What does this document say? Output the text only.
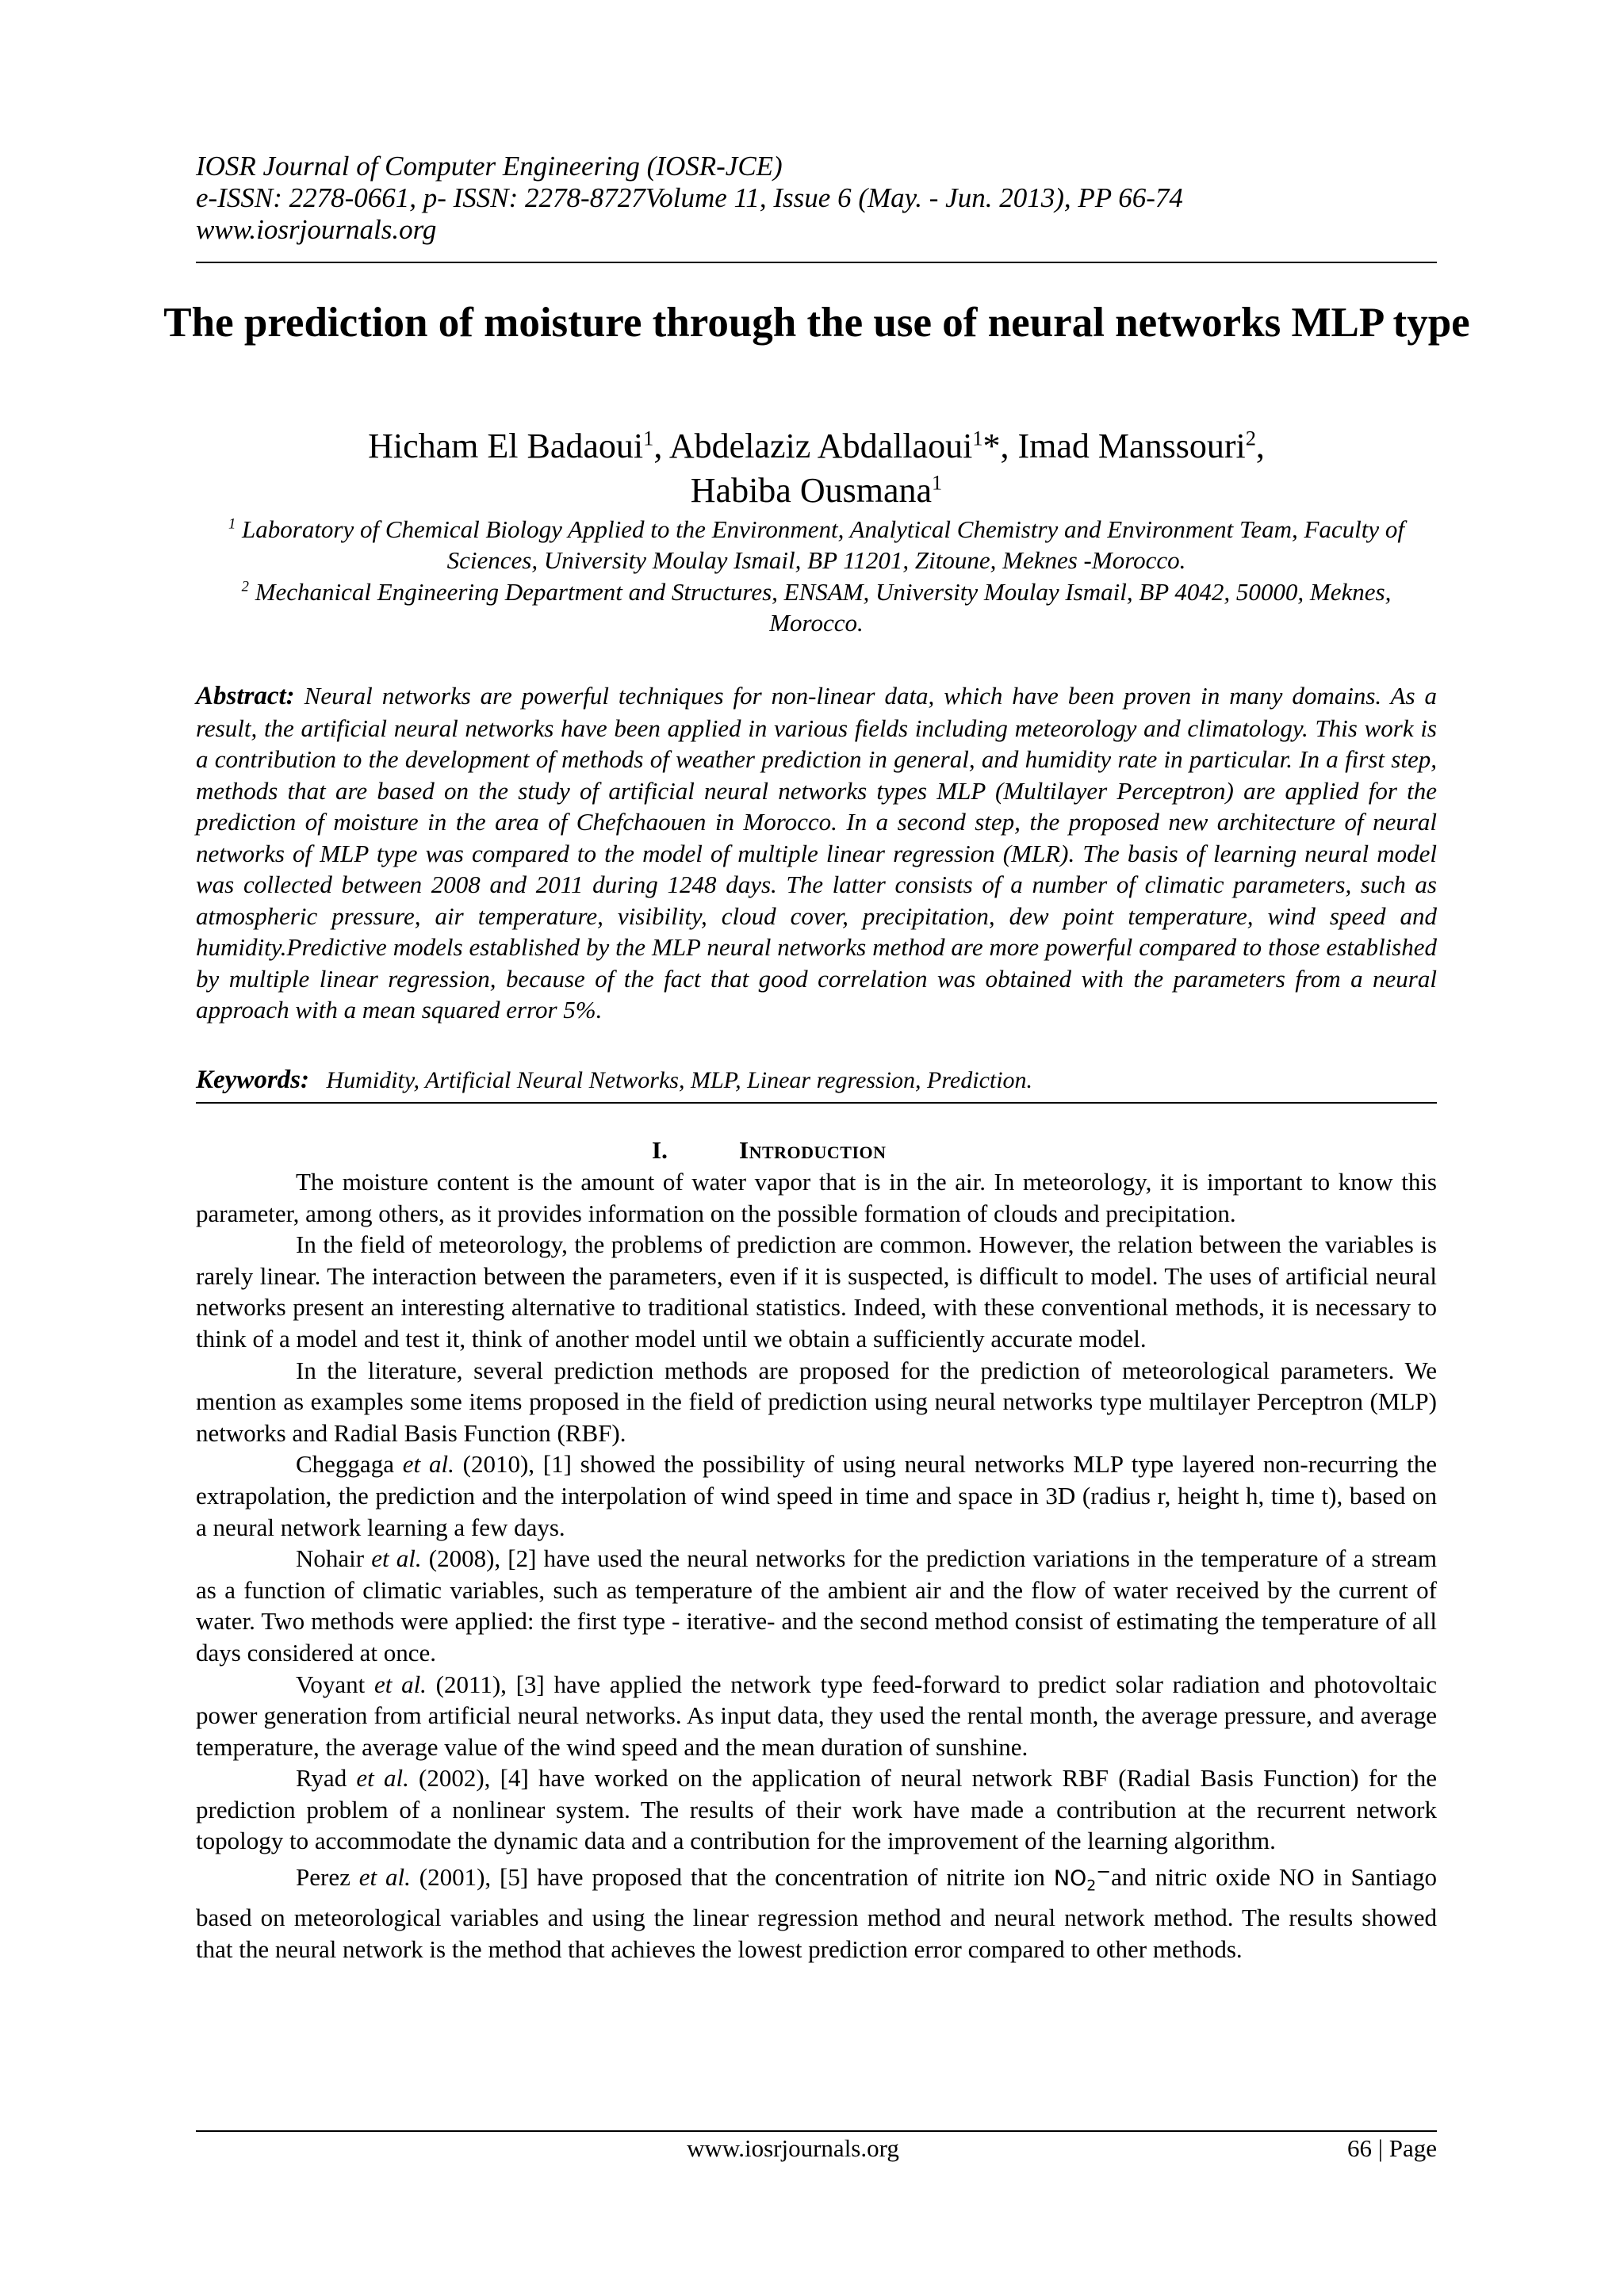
IOSR Journal of Computer Engineering (IOSR-JCE)
e-ISSN: 2278-0661, p- ISSN: 2278-8727Volume 11, Issue 6 (May. - Jun. 2013), PP 66-74
www.iosrjournals.org
The prediction of moisture through the use of neural networks MLP type
Hicham El Badaoui$^1$, Abdelaziz Abdallaoui$^1$*, Imad Manssouri$^2$,
Habiba Ousmana$^1$
$^1$ Laboratory of Chemical Biology Applied to the Environment, Analytical Chemistry and Environment Team, Faculty of Sciences, University Moulay Ismail, BP 11201, Zitoune, Meknes -Morocco.
$^2$ Mechanical Engineering Department and Structures, ENSAM, University Moulay Ismail, BP 4042, 50000, Meknes, Morocco.
Abstract: Neural networks are powerful techniques for non-linear data, which have been proven in many domains. As a result, the artificial neural networks have been applied in various fields including meteorology and climatology. This work is a contribution to the development of methods of weather prediction in general, and humidity rate in particular. In a first step, methods that are based on the study of artificial neural networks types MLP (Multilayer Perceptron) are applied for the prediction of moisture in the area of Chefchaouen in Morocco. In a second step, the proposed new architecture of neural networks of MLP type was compared to the model of multiple linear regression (MLR). The basis of learning neural model was collected between 2008 and 2011 during 1248 days. The latter consists of a number of climatic parameters, such as atmospheric pressure, air temperature, visibility, cloud cover, precipitation, dew point temperature, wind speed and humidity.Predictive models established by the MLP neural networks method are more powerful compared to those established by multiple linear regression, because of the fact that good correlation was obtained with the parameters from a neural approach with a mean squared error 5%.
Keywords: Humidity, Artificial Neural Networks, MLP, Linear regression, Prediction.
I.	Introduction

The moisture content is the amount of water vapor that is in the air. In meteorology, it is important to know this parameter, among others, as it provides information on the possible formation of clouds and precipitation.

In the field of meteorology, the problems of prediction are common. However, the relation between the variables is rarely linear. The interaction between the parameters, even if it is suspected, is difficult to model. The uses of artificial neural networks present an interesting alternative to traditional statistics. Indeed, with these conventional methods, it is necessary to think of a model and test it, think of another model until we obtain a sufficiently accurate model.

In the literature, several prediction methods are proposed for the prediction of meteorological parameters. We mention as examples some items proposed in the field of prediction using neural networks type multilayer Perceptron (MLP) networks and Radial Basis Function (RBF).

Cheggaga et al. (2010), [1] showed the possibility of using neural networks MLP type layered non-recurring the extrapolation, the prediction and the interpolation of wind speed in time and space in 3D (radius r, height h, time t), based on a neural network learning a few days.

Nohair et al. (2008), [2] have used the neural networks for the prediction variations in the temperature of a stream as a function of climatic variables, such as temperature of the ambient air and the flow of water received by the current of water. Two methods were applied: the first type - iterative- and the second method consist of estimating the temperature of all days considered at once.

Voyant et al. (2011), [3] have applied the network type feed-forward to predict solar radiation and photovoltaic power generation from artificial neural networks. As input data, they used the rental month, the average pressure, and average temperature, the average value of the wind speed and the mean duration of sunshine.

Ryad et al. (2002), [4] have worked on the application of neural network RBF (Radial Basis Function) for the prediction problem of a nonlinear system. The results of their work have made a contribution at the recurrent network topology to accommodate the dynamic data and a contribution for the improvement of the learning algorithm.

Perez et al. (2001), [5] have proposed that the concentration of nitrite ion $NO_2^-and$ nitric oxide NO in Santiago based on meteorological variables and using the linear regression method and neural network method. The results showed that the neural network is the method that achieves the lowest prediction error compared to other methods.

www.iosrjournals.org	66 | Page
